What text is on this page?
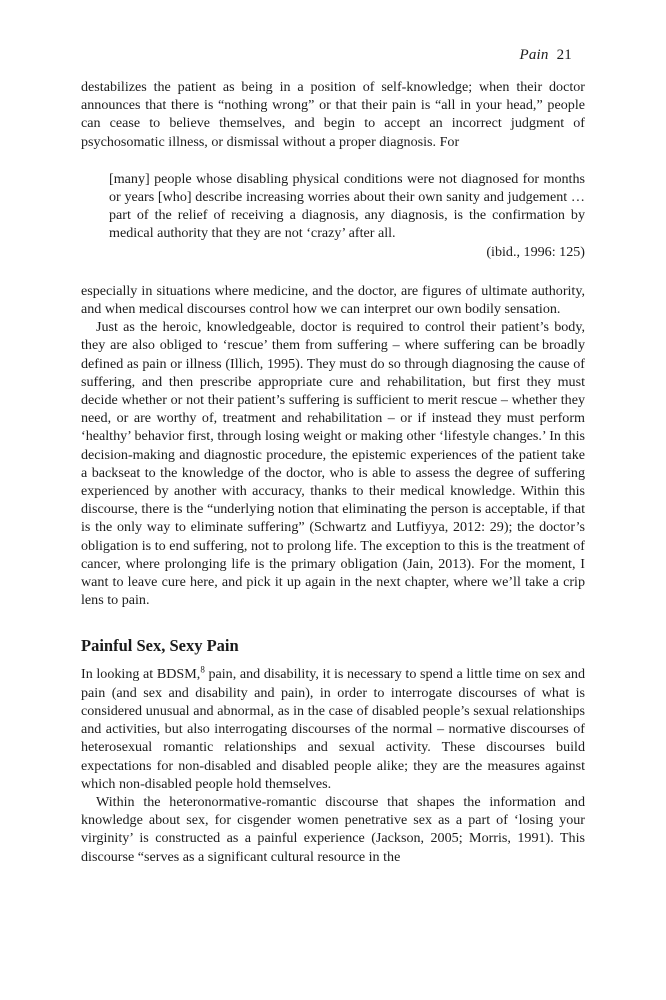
Pain 21

destabilizes the patient as being in a position of self-knowledge; when their doctor announces that there is “nothing wrong” or that their pain is “all in your head,” people can cease to believe themselves, and begin to accept an incorrect judgment of psychosomatic illness, or dismissal without a proper diagnosis. For

[many] people whose disabling physical conditions were not diagnosed for months or years [who] describe increasing worries about their own sanity and judgement … part of the relief of receiving a diagnosis, any diagnosis, is the confirmation by medical authority that they are not ‘crazy’ after all.

(ibid., 1996: 125)

especially in situations where medicine, and the doctor, are figures of ultimate authority, and when medical discourses control how we can interpret our own bodily sensation.

Just as the heroic, knowledgeable, doctor is required to control their patient’s body, they are also obliged to ‘rescue’ them from suffering – where suffering can be broadly defined as pain or illness (Illich, 1995). They must do so through diagnosing the cause of suffering, and then prescribe appropriate cure and rehabilitation, but first they must decide whether or not their patient’s suffering is sufficient to merit rescue – whether they need, or are worthy of, treatment and rehabilitation – or if instead they must perform ‘healthy’ behavior first, through losing weight or making other ‘lifestyle changes.’ In this decision-making and diagnostic procedure, the epistemic experiences of the patient take a backseat to the knowledge of the doctor, who is able to assess the degree of suffering experienced by another with accuracy, thanks to their medical knowledge. Within this discourse, there is the “underlying notion that eliminating the person is acceptable, if that is the only way to eliminate suffering” (Schwartz and Lutfiyya, 2012: 29); the doctor’s obligation is to end suffering, not to prolong life. The exception to this is the treatment of cancer, where prolonging life is the primary obligation (Jain, 2013). For the moment, I want to leave cure here, and pick it up again in the next chapter, where we’ll take a crip lens to pain.

Painful Sex, Sexy Pain

In looking at BDSM,$^8$ pain, and disability, it is necessary to spend a little time on sex and pain (and sex and disability and pain), in order to interrogate discourses of what is considered unusual and abnormal, as in the case of disabled people’s sexual relationships and activities, but also interrogating discourses of the normal – normative discourses of heterosexual romantic relationships and sexual activity. These discourses build expectations for non-disabled and disabled people alike; they are the measures against which non-disabled people hold themselves.

Within the heteronormative-romantic discourse that shapes the information and knowledge about sex, for cisgender women penetrative sex as a part of ‘losing your virginity’ is constructed as a painful experience (Jackson, 2005; Morris, 1991). This discourse “serves as a significant cultural resource in the
